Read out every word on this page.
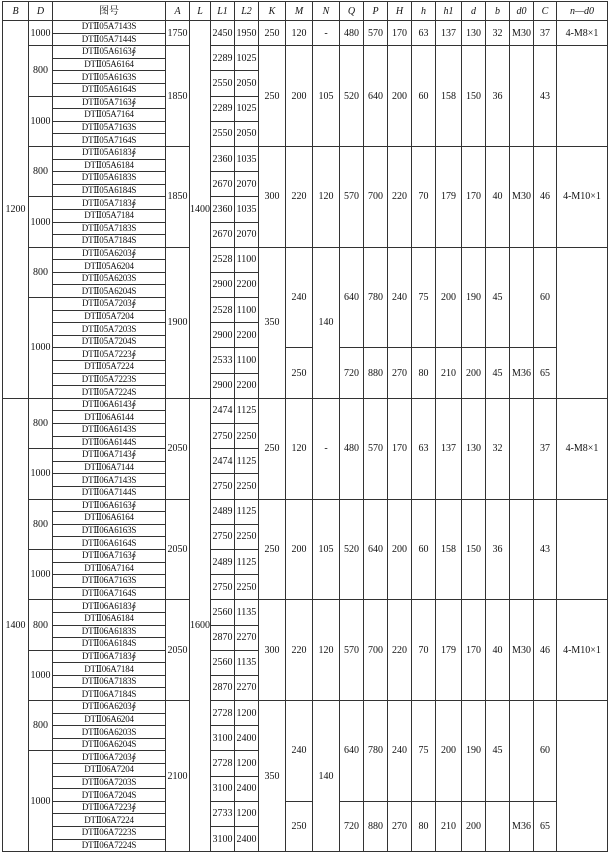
B	D	图号	A	L	L1	L2	K	M	N	Q	P	H	h	h1	d	b	d0	C	n—d0
1200	1000	DTⅡ05A7143S	1750	1400	2450	1950	250	120	-	480	570	170	63	137	130	32	M30	37	4-M8×1
		DTⅡ05A7144S																	
	800	DTⅡ05A6163∮	1850		2289	1025	250	200	105	520	640	200	60	158	150	36		43	
		DTⅡ05A6164																	
		DTⅡ05A6163S			2550	2050													
		DTⅡ05A6164S																	
	1000	DTⅡ05A7163∮			2289	1025													
		DTⅡ05A7164																	
		DTⅡ05A7163S			2550	2050													
		DTⅡ05A7164S																	
	800	DTⅡ05A6183∮	1850		2360	1035	300	220	120	570	700	220	70	179	170	40	M30	46	4-M10×1
		DTⅡ05A6184																	
		DTⅡ05A6183S			2670	2070													
		DTⅡ05A6184S																	
	1000	DTⅡ05A7183∮			2360	1035													
		DTⅡ05A7184																	
		DTⅡ05A7183S			2670	2070													
		DTⅡ05A7184S																	
	800	DTⅡ05A6203∮	1900		2528	1100	350	240	140	640	780	240	75	200	190	45		60	
		DTⅡ05A6204																	
		DTⅡ05A6203S			2900	2200													
		DTⅡ05A6204S																	
	1000	DTⅡ05A7203∮			2528	1100													
		DTⅡ05A7204																	
		DTⅡ05A7203S			2900	2200													
		DTⅡ05A7204S																	
		DTⅡ05A7223∮			2533	1100		250		720	880	270	80	210	200	45	M36	65	
		DTⅡ05A7224																	
		DTⅡ05A7223S			2900	2200													
		DTⅡ05A7224S																	
1400	800	DTⅡ06A6143∮	2050	1600	2474	1125	250	120	-	480	570	170	63	137	130	32		37	4-M8×1
		DTⅡ06A6144																	
		DTⅡ06A6143S			2750	2250													
		DTⅡ06A6144S																	
	1000	DTⅡ06A7143∮			2474	1125													
		DTⅡ06A7144																	
		DTⅡ06A7143S			2750	2250													
		DTⅡ06A7144S																	
	800	DTⅡ06A6163∮	2050		2489	1125	250	200	105	520	640	200	60	158	150	36		43	
		DTⅡ06A6164																	
		DTⅡ06A6163S			2750	2250													
		DTⅡ06A6164S																	
	1000	DTⅡ06A7163∮			2489	1125													
		DTⅡ06A7164																	
		DTⅡ06A7163S			2750	2250													
		DTⅡ06A7164S																	
	800	DTⅡ06A6183∮	2050		2560	1135	300	220	120	570	700	220	70	179	170	40	M30	46	4-M10×1
		DTⅡ06A6184																	
		DTⅡ06A6183S			2870	2270													
		DTⅡ06A6184S																	
	1000	DTⅡ06A7183∮			2560	1135													
		DTⅡ06A7184																	
		DTⅡ06A7183S			2870	2270													
		DTⅡ06A7184S																	
	800	DTⅡ06A6203∮	2100		2728	1200	350	240	140	640	780	240	75	200	190	45		60	
		DTⅡ06A6204																	
		DTⅡ06A6203S			3100	2400													
		DTⅡ06A6204S																	
	1000	DTⅡ06A7203∮			2728	1200													
		DTⅡ06A7204																	
		DTⅡ06A7203S			3100	2400													
		DTⅡ06A7204S																	
		DTⅡ06A7223∮			2733	1200		250		720	880	270	80	210	200		M36	65	
		DTⅡ06A7224																	
		DTⅡ06A7223S			3100	2400													
		DTⅡ06A7224S																	
